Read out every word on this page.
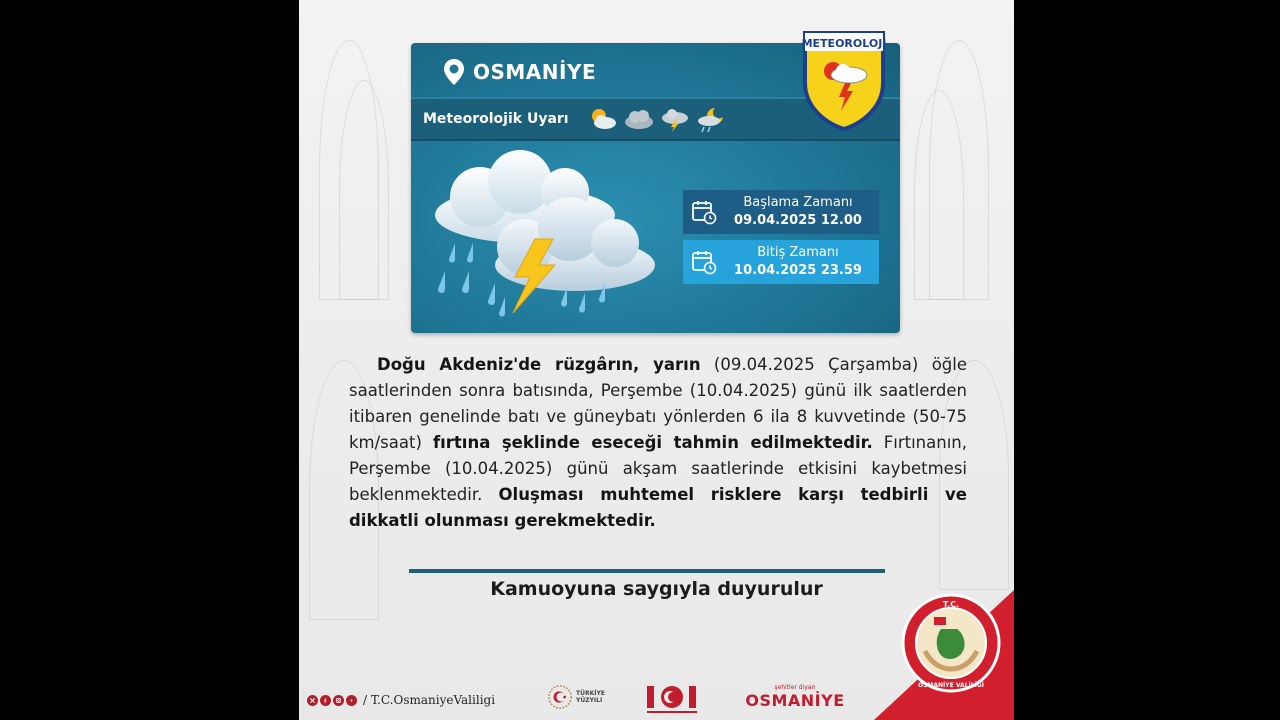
OSMANİYE
Meteorolojik Uyarı
Başlama Zamanı
09.04.2025 12.00
Bitiş Zamanı
10.04.2025 23.59
METEOROLOJİ

Doğu Akdeniz'de rüzgârın, yarın (09.04.2025 Çarşamba) öğle saatlerinden sonra batısında, Perşembe (10.04.2025) günü ilk saatlerden itibaren genelinde batı ve güneybatı yönlerden 6 ila 8 kuvvetinde (50-75 km/saat) fırtına şeklinde eseceği tahmin edilmektedir. Fırtınanın, Perşembe (10.04.2025) günü akşam saatlerinde etkisini kaybetmesi beklenmektedir. Oluşması muhtemel risklere karşı tedbirli ve dikkatli olunması gerekmektedir.

Kamuoyuna saygıyla duyurulur
T.C.
OSMANİYE VALİLİĞİ
/ T.C.OsmaniyeValiligi	TÜRKİYE
YÜZYILI
şehitler diyarı
OSMANİYE
